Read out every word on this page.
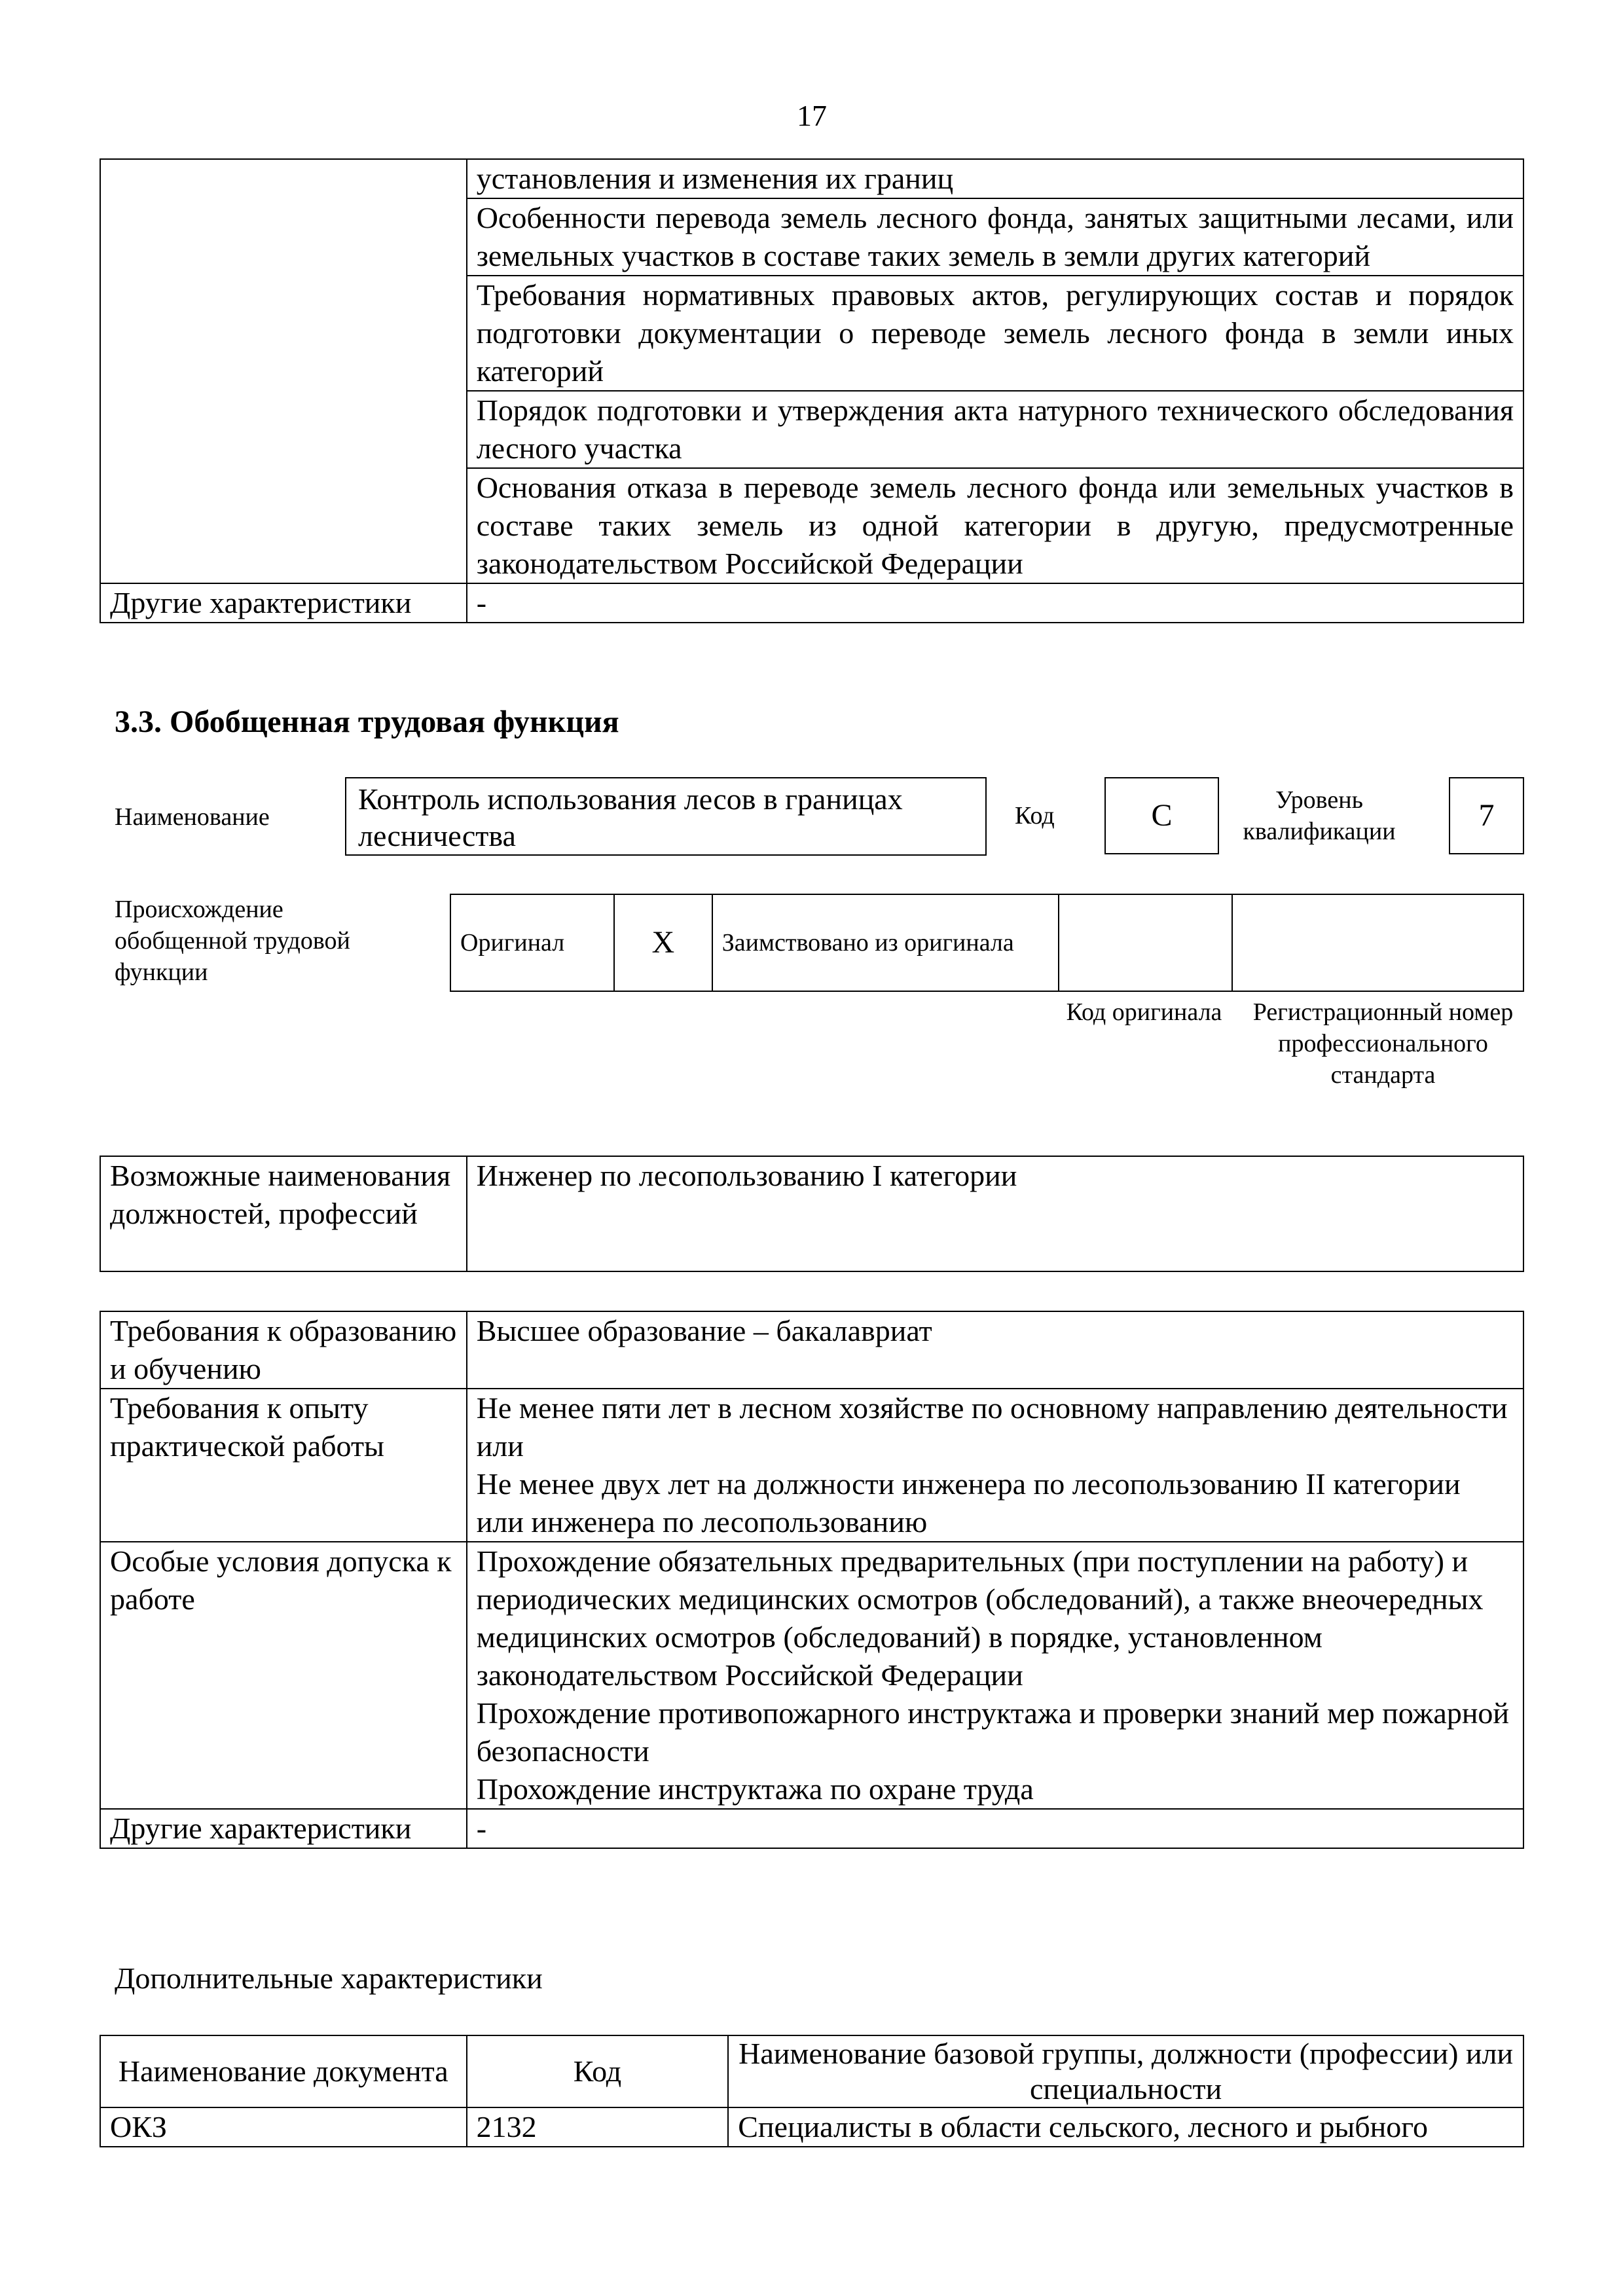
17
	установления и изменения их границ
	Особенности перевода земель лесного фонда, занятых защитными лесами, или земельных участков в составе таких земель в земли других категорий
	Требования нормативных правовых актов, регулирующих состав и порядок подготовки документации о переводе земель лесного фонда в земли иных категорий
	Порядок подготовки и утверждения акта натурного технического обследования лесного участка
	Основания отказа в переводе земель лесного фонда или земельных участков в составе таких земель из одной категории в другую, предусмотренные законодательством Российской Федерации
Другие характеристики	-
3.3. Обобщенная трудовая функция
Наименование
Контроль использования лесов в границах лесничества
Код	C	Уровень квалификации	7
Происхождение обобщенной трудовой функции
Оригинал	X	Заимствовано из оригинала		
Код оригинала	Регистрационный номер профессионального стандарта
Возможные наименования должностей, профессий	Инженер по лесопользованию I категории
Требования к образованию и обучению	Высшее образование – бакалавриат
Требования к опыту практической работы	Не менее пяти лет в лесном хозяйстве по основному направлению деятельности
или
Не менее двух лет на должности инженера по лесопользованию II категории или инженера по лесопользованию

Особые условия допуска к работе	Прохождение обязательных предварительных (при поступлении на работу) и периодических медицинских осмотров (обследований), а также внеочередных медицинских осмотров (обследований) в порядке, установленном законодательством Российской Федерации
Прохождение противопожарного инструктажа и проверки знаний мер пожарной безопасности
Прохождение инструктажа по охране труда

Другие характеристики	-
Дополнительные характеристики
Наименование документа	Код	Наименование базовой группы, должности (профессии) или специальности
ОКЗ	2132	Специалисты в области сельского, лесного и рыбного
